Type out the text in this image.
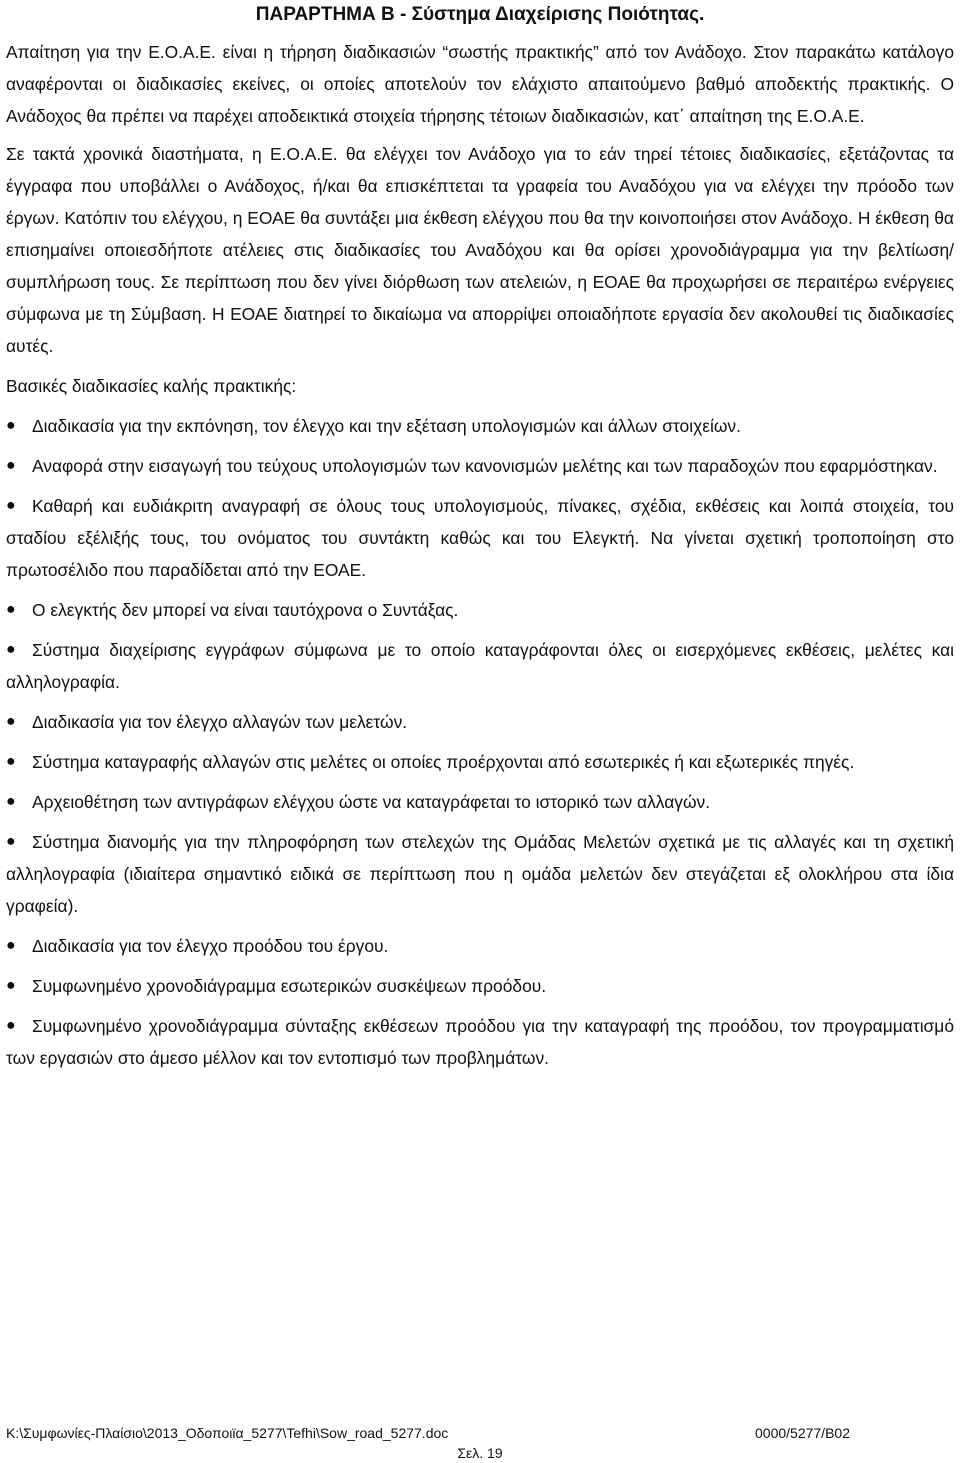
ΠΑΡΑΡΤΗΜΑ Β - Σύστημα Διαχείρισης Ποιότητας.

Απαίτηση για την Ε.Ο.Α.Ε. είναι η τήρηση διαδικασιών “σωστής πρακτικής” από τον Ανάδοχο. Στον παρακάτω κατάλογο αναφέρονται οι διαδικασίες εκείνες, οι οποίες αποτελούν τον ελάχιστο απαιτούμενο βαθμό αποδεκτής πρακτικής. Ο Ανάδοχος θα πρέπει να παρέχει αποδεικτικά στοιχεία τήρησης τέτοιων διαδικασιών, κατ΄ απαίτηση της Ε.Ο.Α.Ε.

Σε τακτά χρονικά διαστήματα, η Ε.Ο.Α.Ε. θα ελέγχει τον Ανάδοχο για το εάν τηρεί τέτοιες διαδικασίες, εξετάζοντας τα έγγραφα που υποβάλλει ο Ανάδοχος, ή/και θα επισκέπτεται τα γραφεία του Αναδόχου για να ελέγχει την πρόοδο των έργων. Κατόπιν του ελέγχου, η ΕΟΑΕ θα συντάξει μια έκθεση ελέγχου που θα την κοινοποιήσει στον Ανάδοχο. Η έκθεση θα επισημαίνει οποιεσδήποτε ατέλειες στις διαδικασίες του Αναδόχου και θα ορίσει χρονοδιάγραμμα για την βελτίωση/συμπλήρωση τους. Σε περίπτωση που δεν γίνει διόρθωση των ατελειών, η ΕΟΑΕ θα προχωρήσει σε περαιτέρω ενέργειες σύμφωνα με τη Σύμβαση. Η ΕΟΑΕ διατηρεί το δικαίωμα να απορρίψει οποιαδήποτε εργασία δεν ακολουθεί τις διαδικασίες αυτές.

Βασικές διαδικασίες καλής πρακτικής:

● Διαδικασία για την εκπόνηση, τον έλεγχο και την εξέταση υπολογισμών και άλλων στοιχείων.
● Αναφορά στην εισαγωγή του τεύχους υπολογισμών των κανονισμών μελέτης και των παραδοχών που εφαρμόστηκαν.
● Καθαρή και ευδιάκριτη αναγραφή σε όλους τους υπολογισμούς, πίνακες, σχέδια, εκθέσεις και λοιπά στοιχεία, του σταδίου εξέλιξής τους, του ονόματος του συντάκτη καθώς και του Ελεγκτή. Να γίνεται σχετική τροποποίηση στο πρωτοσέλιδο που παραδίδεται από την ΕΟΑΕ.
● Ο ελεγκτής δεν μπορεί να είναι ταυτόχρονα ο Συντάξας.
● Σύστημα διαχείρισης εγγράφων σύμφωνα με το οποίο καταγράφονται όλες οι εισερχόμενες εκθέσεις, μελέτες και αλληλογραφία.
● Διαδικασία για τον έλεγχο αλλαγών των μελετών.
● Σύστημα καταγραφής αλλαγών στις μελέτες οι οποίες προέρχονται από εσωτερικές ή και εξωτερικές πηγές.
● Αρχειοθέτηση των αντιγράφων ελέγχου ώστε να καταγράφεται το ιστορικό των αλλαγών.
● Σύστημα διανομής για την πληροφόρηση των στελεχών της Ομάδας Μελετών σχετικά με τις αλλαγές και τη σχετική αλληλογραφία (ιδιαίτερα σημαντικό ειδικά σε περίπτωση που η ομάδα μελετών δεν στεγάζεται εξ ολοκλήρου στα ίδια γραφεία).
● Διαδικασία για τον έλεγχο προόδου του έργου.
● Συμφωνημένο χρονοδιάγραμμα εσωτερικών συσκέψεων προόδου.
● Συμφωνημένο χρονοδιάγραμμα σύνταξης εκθέσεων προόδου για την καταγραφή της προόδου, τον προγραμματισμό των εργασιών στο άμεσο μέλλον και τον εντοπισμό των προβλημάτων.
K:\Συμφωνίες-Πλαίσιο\2013_Οδοποιϊα_5277\Tefhi\Sow_road_5277.doc	0000/5277/Β02
Σελ. 19
